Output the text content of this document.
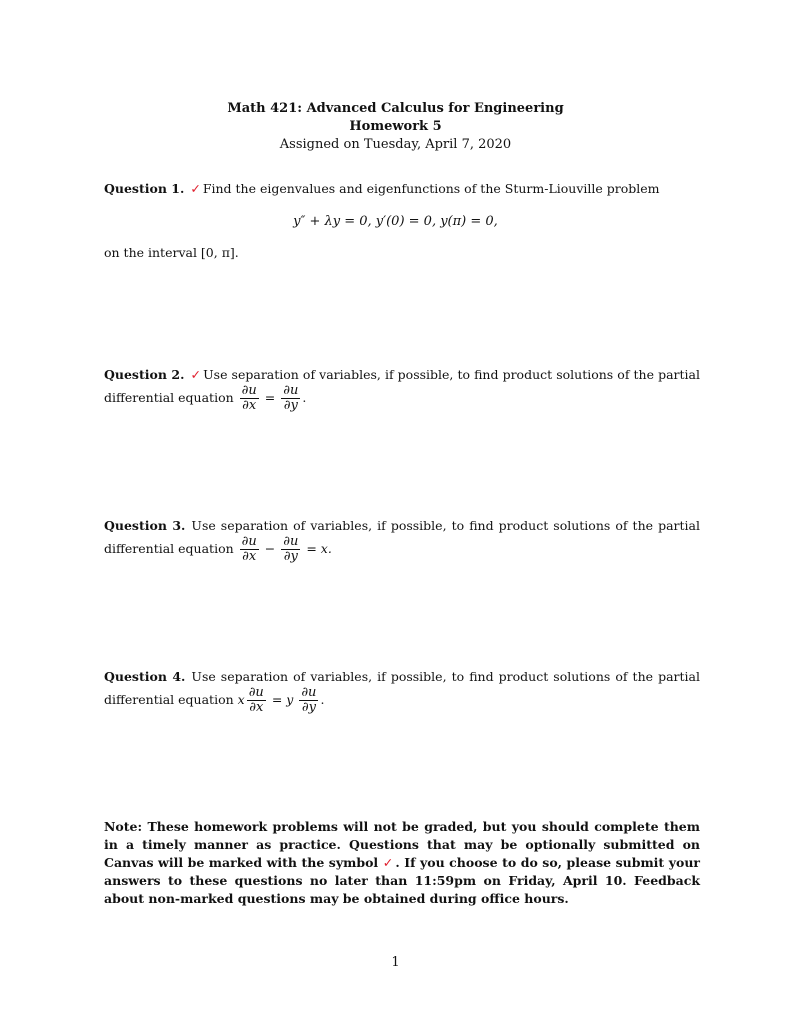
Math 421: Advanced Calculus for Engineering
Homework 5
Assigned on Tuesday, April 7, 2020
Question 1. ✓ Find the eigenvalues and eigenfunctions of the Sturm-Liouville problem
y″ + λy = 0, y′(0) = 0, y(π) = 0,
on the interval [0, π].
Question 2. ✓ Use separation of variables, if possible, to find product solutions of the partial differential equation $\frac{\partial u}{\partial x} = \frac{\partial u}{\partial y}$ .
Question 3. Use separation of variables, if possible, to find product solutions of the partial differential equation $\frac{\partial u}{\partial x} - \frac{\partial u}{\partial y} = x$.
Question 4. Use separation of variables, if possible, to find product solutions of the partial differential equation x $\frac{\partial u}{\partial x} = y \frac{\partial u}{\partial y}$ .
Note: These homework problems will not be graded, but you should complete them in a timely manner as practice. Questions that may be optionally submitted on Canvas will be marked with the symbol ✓ . If you choose to do so, please submit your answers to these questions no later than 11:59pm on Friday, April 10. Feedback about non-marked questions may be obtained during office hours.
1
